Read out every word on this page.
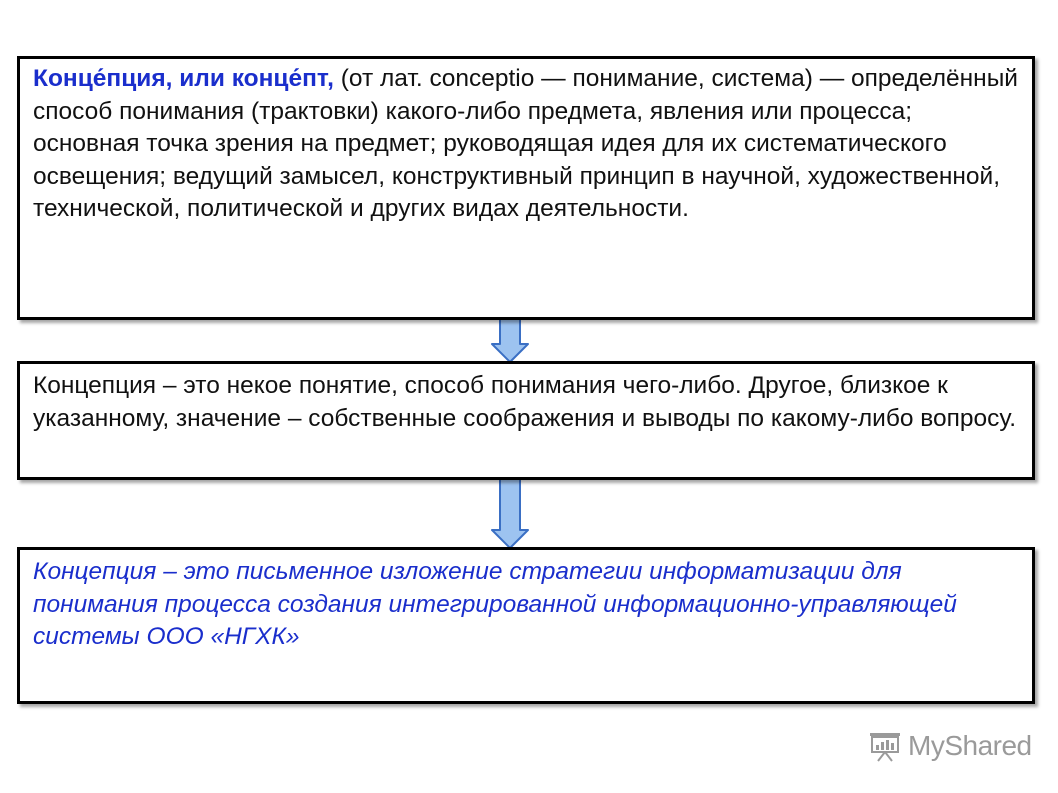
Конце́пция, или конце́пт, (от лат. conceptio — понимание, система) — определённый способ понимания (трактовки) какого-либо предмета, явления или процесса; основная точка зрения на предмет; руководящая идея для их систематического освещения; ведущий замысел, конструктивный принцип в научной, художественной, технической, политической и других видах деятельности.
Концепция – это некое понятие, способ понимания чего-либо. Другое, близкое к указанному, значение – собственные соображения и выводы по какому-либо вопросу.
Концепция – это письменное изложение стратегии информатизации для понимания процесса создания интегрированной информационно-управляющей системы ООО «НГХК»
MyShared
